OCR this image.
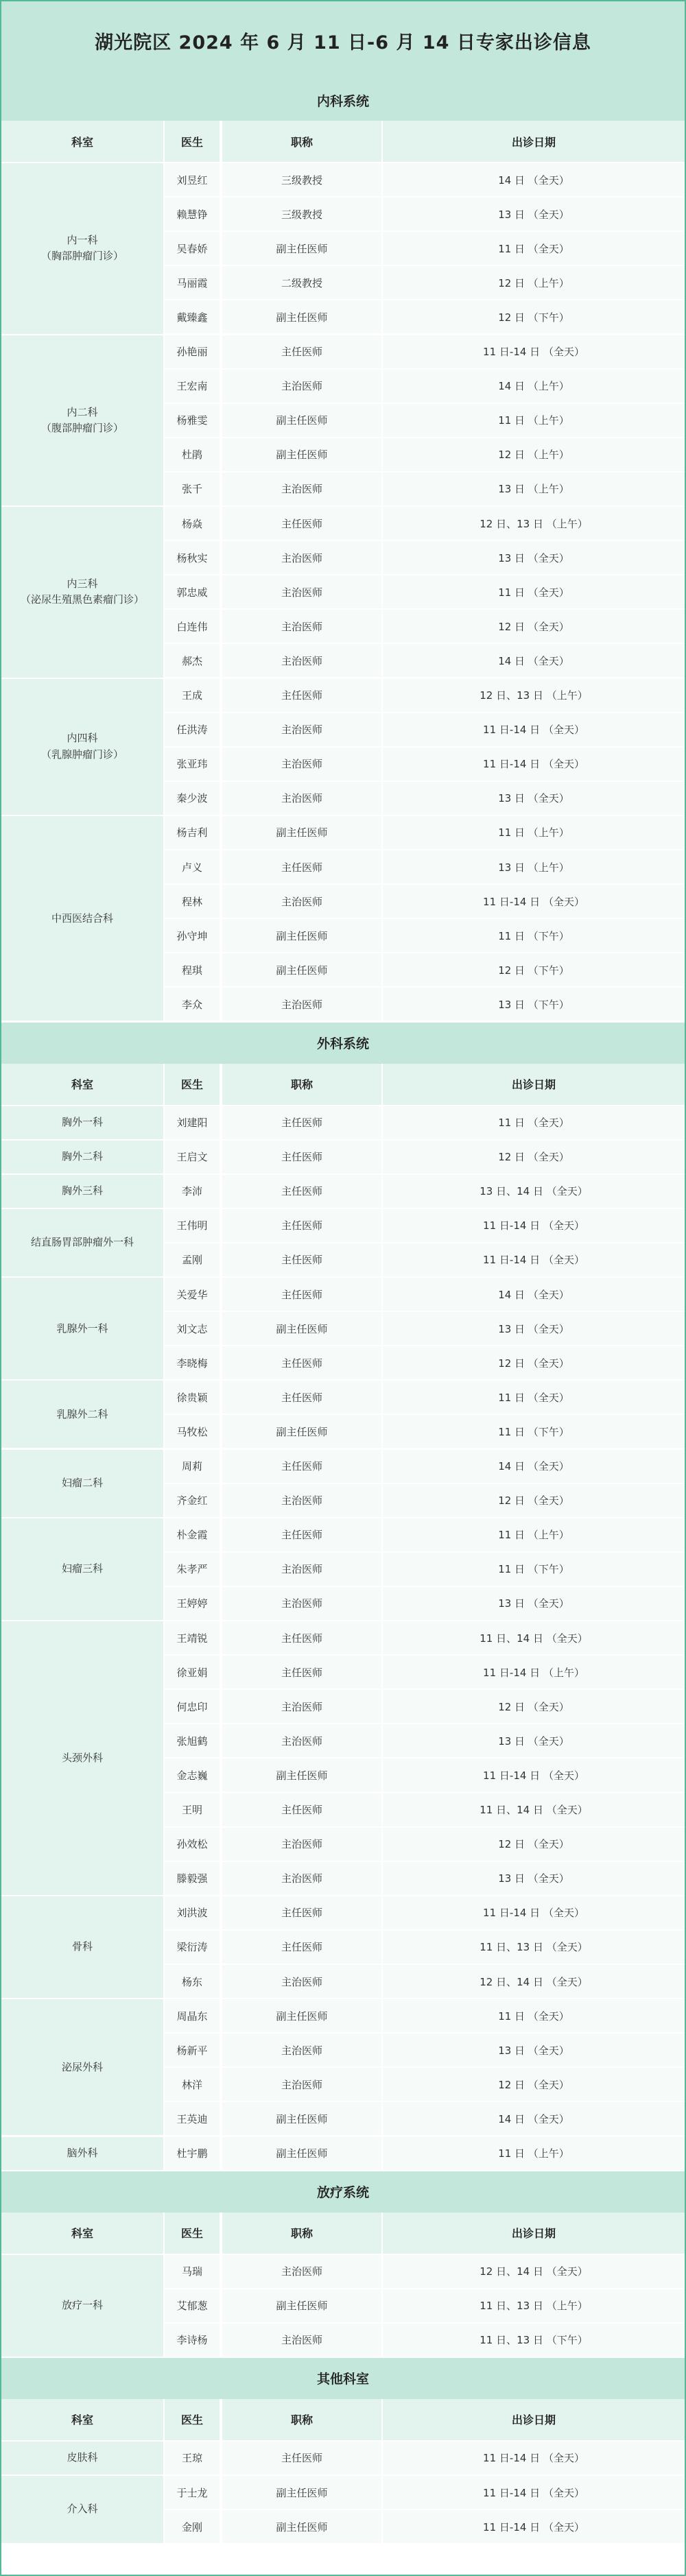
湖光院区 2024 年 6 月 11 日-6 月 14 日专家出诊信息
内科系统
科室	医生	职称	出诊日期
内一科
（胸部肿瘤门诊）
刘昱红	三级教授	14 日 （全天）
赖慧铮	三级教授	13 日 （全天）
吴春娇	副主任医师	11 日 （全天）
马丽霞	二级教授	12 日 （上午）
戴臻鑫	副主任医师	12 日 （下午）
内二科
（腹部肿瘤门诊）
孙艳丽	主任医师	11 日-14 日 （全天）
王宏南	主治医师	14 日 （上午）
杨雅雯	副主任医师	11 日 （上午）
杜鹃	副主任医师	12 日 （上午）
张千	主治医师	13 日 （上午）
内三科
（泌尿生殖黑色素瘤门诊）
杨焱	主任医师	12 日、13 日 （上午）
杨秋实	主治医师	13 日 （全天）
郭忠威	主治医师	11 日 （全天）
白连伟	主治医师	12 日 （全天）
郝杰	主治医师	14 日 （全天）
内四科
（乳腺肿瘤门诊）
王成	主任医师	12 日、13 日 （上午）
任洪涛	主治医师	11 日-14 日 （全天）
张亚玮	主治医师	11 日-14 日 （全天）
秦少波	主治医师	13 日 （全天）
中西医结合科
杨吉利	副主任医师	11 日 （上午）
卢义	主任医师	13 日 （上午）
程林	主治医师	11 日-14 日 （全天）
孙守坤	副主任医师	11 日 （下午）
程琪	副主任医师	12 日 （下午）
李众	主治医师	13 日 （下午）
外科系统
科室	医生	职称	出诊日期
胸外一科	刘建阳	主任医师	11 日 （全天）
胸外二科	王启文	主任医师	12 日 （全天）
胸外三科	李沛	主任医师	13 日、14 日 （全天）
结直肠胃部肿瘤外一科
王伟明	主任医师	11 日-14 日 （全天）
孟刚	主任医师	11 日-14 日 （全天）
乳腺外一科
关爱华	主任医师	14 日 （全天）
刘文志	副主任医师	13 日 （全天）
李晓梅	主任医师	12 日 （全天）
乳腺外二科
徐贵颖	主任医师	11 日 （全天）
马牧松	副主任医师	11 日 （下午）
妇瘤二科
周莉	主任医师	14 日 （全天）
齐金红	主治医师	12 日 （全天）
妇瘤三科
朴金霞	主任医师	11 日 （上午）
朱孝严	主治医师	11 日 （下午）
王婷婷	主治医师	13 日 （全天）
头颈外科
王靖锐	主任医师	11 日、14 日 （全天）
徐亚娟	主任医师	11 日-14 日 （上午）
何忠印	主治医师	12 日 （全天）
张旭鹤	主治医师	13 日 （全天）
金志巍	副主任医师	11 日-14 日 （全天）
王明	主任医师	11 日、14 日 （全天）
孙效松	主治医师	12 日 （全天）
滕毅强	主治医师	13 日 （全天）
骨科
刘洪波	主任医师	11 日-14 日 （全天）
梁衍涛	主任医师	11 日、13 日 （全天）
杨东	主治医师	12 日、14 日 （全天）
泌尿外科
周晶东	副主任医师	11 日 （全天）
杨新平	主治医师	13 日 （全天）
林洋	主治医师	12 日 （全天）
王英迪	副主任医师	14 日 （全天）
脑外科	杜宇鹏	副主任医师	11 日 （上午）
放疗系统
科室	医生	职称	出诊日期
放疗一科
马瑞	主治医师	12 日、14 日 （全天）
艾郁葱	副主任医师	11 日、13 日 （上午）
李诗杨	主治医师	11 日、13 日 （下午）
其他科室
科室	医生	职称	出诊日期
皮肤科	王琼	主任医师	11 日-14 日 （全天）
介入科
于士龙	副主任医师	11 日-14 日 （全天）
金刚	副主任医师	11 日-14 日 （全天）
